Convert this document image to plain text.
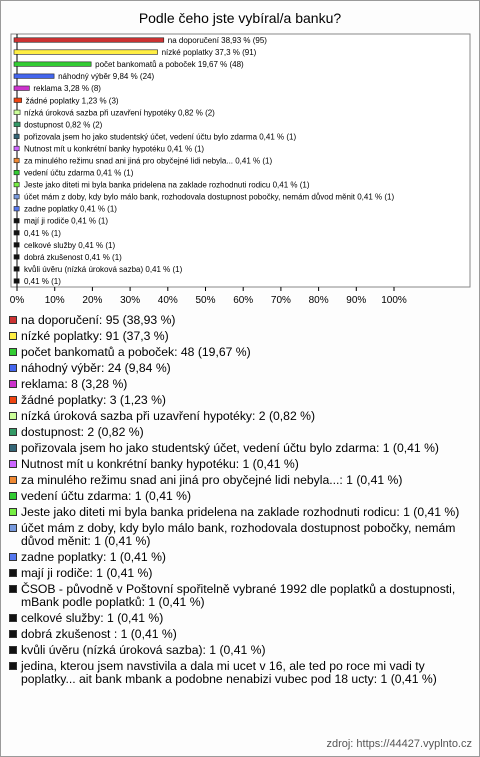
Podle čeho jste vybíral/a banku?
na doporučení 38,93 % (95)
nízké poplatky 37,3 % (91)
počet bankomatů a poboček 19,67 % (48)
náhodný výběr 9,84 % (24)
reklama 3,28 % (8)
žádné poplatky 1,23 % (3)
nízká úroková sazba při uzavření hypotéky 0,82 % (2)
dostupnost 0,82 % (2)
pořizovala jsem ho jako studentský účet, vedení účtu bylo zdarma 0,41 % (1)
Nutnost mít u konkrétní banky hypotéku 0,41 % (1)
za minulého režimu snad ani jiná pro obyčejné lidi nebyla... 0,41 % (1)
vedení účtu zdarma 0,41 % (1)
Jeste jako diteti mi byla banka pridelena na zaklade rozhodnuti rodicu 0,41 % (1)
účet mám z doby, kdy bylo málo bank, rozhodovala dostupnost pobočky, nemám důvod měnit 0,41 % (1)
zadne poplatky 0,41 % (1)
mají ji rodiče 0,41 % (1)
0,41 % (1)
celkové služby 0,41 % (1)
dobrá zkušenost 0,41 % (1)
kvůli úvěru (nízká úroková sazba) 0,41 % (1)
0,41 % (1)
0% 10% 20% 30% 40% 50% 60% 70% 80% 90% 100%
na doporučení: 95 (38,93 %)
nízké poplatky: 91 (37,3 %)
počet bankomatů a poboček: 48 (19,67 %)
náhodný výběr: 24 (9,84 %)
reklama: 8 (3,28 %)
žádné poplatky: 3 (1,23 %)
nízká úroková sazba při uzavření hypotéky: 2 (0,82 %)
dostupnost: 2 (0,82 %)
pořizovala jsem ho jako studentský účet, vedení účtu bylo zdarma: 1 (0,41 %)
Nutnost mít u konkrétní banky hypotéku: 1 (0,41 %)
za minulého režimu snad ani jiná pro obyčejné lidi nebyla...: 1 (0,41 %)
vedení účtu zdarma: 1 (0,41 %)
Jeste jako diteti mi byla banka pridelena na zaklade rozhodnuti rodicu: 1 (0,41 %)
účet mám z doby, kdy bylo málo bank, rozhodovala dostupnost pobočky, nemám důvod měnit: 1 (0,41 %)
zadne poplatky: 1 (0,41 %)
mají ji rodiče: 1 (0,41 %)
ČSOB - původně v Poštovní spořitelně vybrané 1992 dle poplatků a dostupnosti, mBank podle poplatků: 1 (0,41 %)
celkové služby: 1 (0,41 %)
dobrá zkušenost : 1 (0,41 %)
kvůli úvěru (nízká úroková sazba): 1 (0,41 %)
jedina, kterou jsem navstivila a dala mi ucet v 16, ale ted po roce mi vadi ty poplatky... ait bank mbank a podobne nenabizi vubec pod 18 ucty: 1 (0,41 %)
zdroj: https://44427.vyplnto.cz
